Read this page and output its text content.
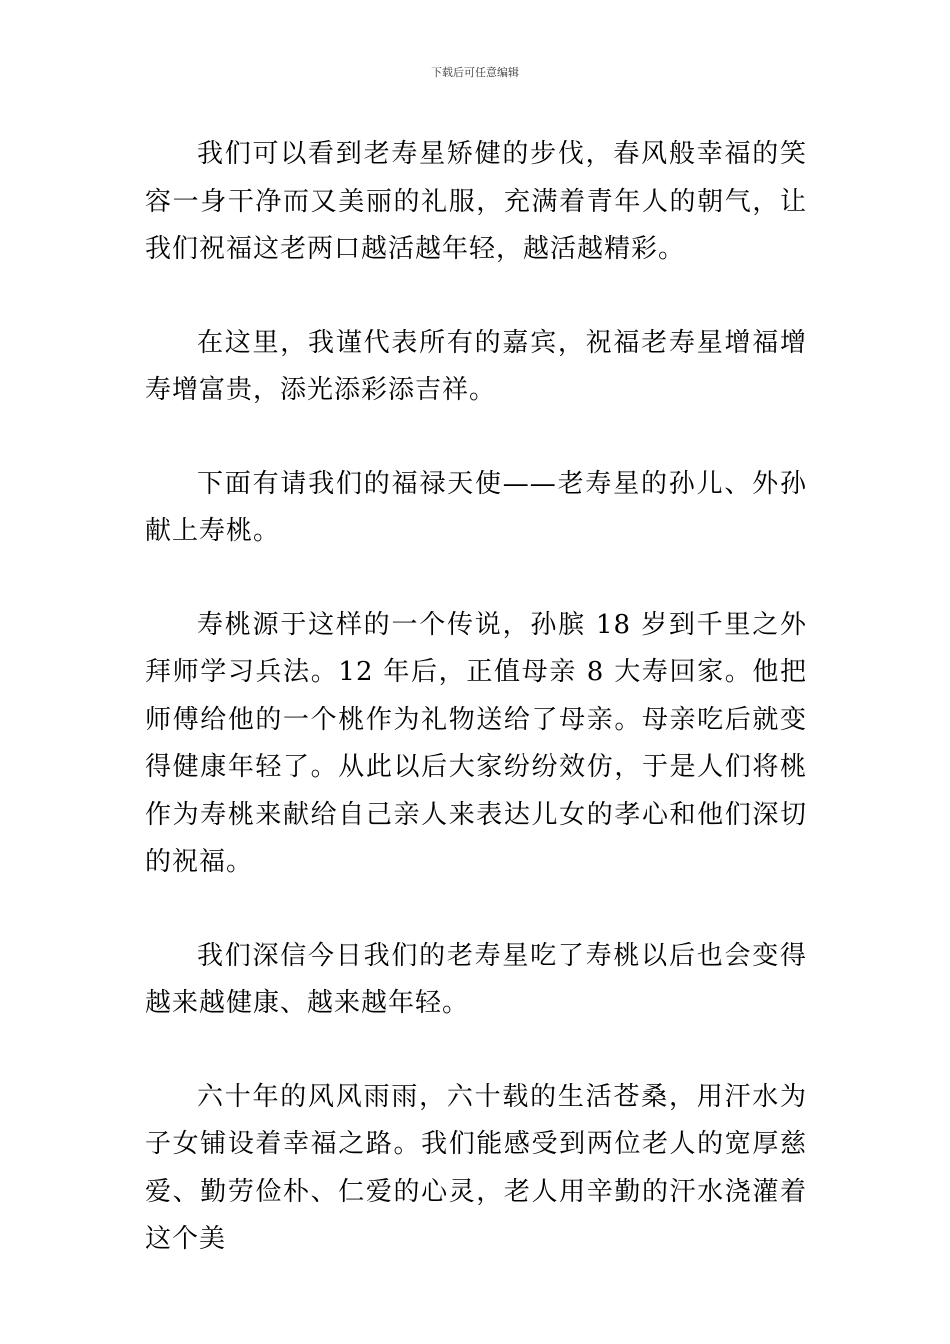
下载后可任意编辑

我们可以看到老寿星矫健的步伐，春风般幸福的笑容一身干净而又美丽的礼服，充满着青年人的朝气，让我们祝福这老两口越活越年轻，越活越精彩。

在这里，我谨代表所有的嘉宾，祝福老寿星增福增寿增富贵，添光添彩添吉祥。

下面有请我们的福禄天使——老寿星的孙儿、外孙献上寿桃。

寿桃源于这样的一个传说，孙膑 18 岁到千里之外拜师学习兵法。12 年后，正值母亲 8 大寿回家。他把师傅给他的一个桃作为礼物送给了母亲。母亲吃后就变得健康年轻了。从此以后大家纷纷效仿，于是人们将桃作为寿桃来献给自己亲人来表达儿女的孝心和他们深切的祝福。

我们深信今日我们的老寿星吃了寿桃以后也会变得越来越健康、越来越年轻。

六十年的风风雨雨，六十载的生活苍桑，用汗水为子女铺设着幸福之路。我们能感受到两位老人的宽厚慈爱、勤劳俭朴、仁爱的心灵，老人用辛勤的汗水浇灌着这个美
